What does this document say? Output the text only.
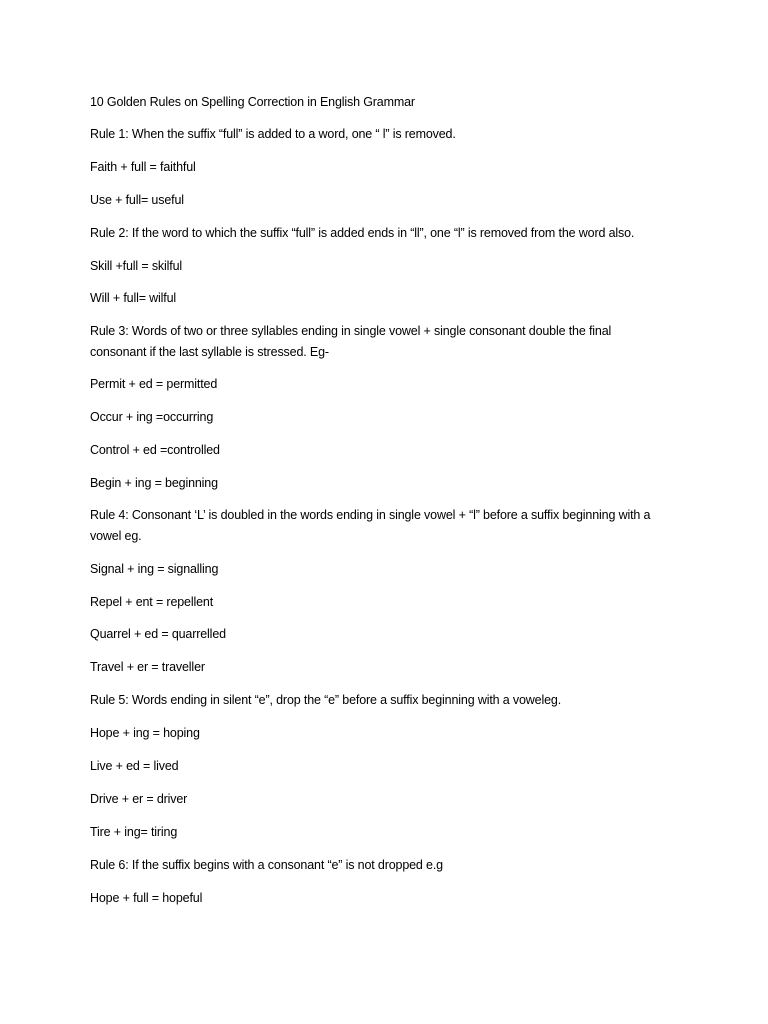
10 Golden Rules on Spelling Correction in English Grammar
Rule 1: When the suffix “full” is added to a word, one “ l” is removed.
Faith + full = faithful
Use + full= useful
Rule 2: If the word to which the suffix “full” is added ends in “ll”, one “l” is removed from the word also.
Skill +full = skilful
Will + full= wilful
Rule 3: Words of two or three syllables ending in single vowel + single consonant double the final consonant if the last syllable is stressed. Eg-
Permit + ed = permitted
Occur + ing =occurring
Control + ed =controlled
Begin + ing = beginning
Rule 4: Consonant ‘L’ is doubled in the words ending in single vowel + “l” before a suffix beginning with a vowel eg.
Signal + ing = signalling
Repel + ent = repellent
Quarrel + ed = quarrelled
Travel + er = traveller
Rule 5: Words ending in silent “e”, drop the “e” before a suffix beginning with a voweleg.
Hope + ing = hoping
Live + ed = lived
Drive + er = driver
Tire + ing= tiring
Rule 6: If the suffix begins with a consonant “e” is not dropped e.g
Hope + full = hopeful
